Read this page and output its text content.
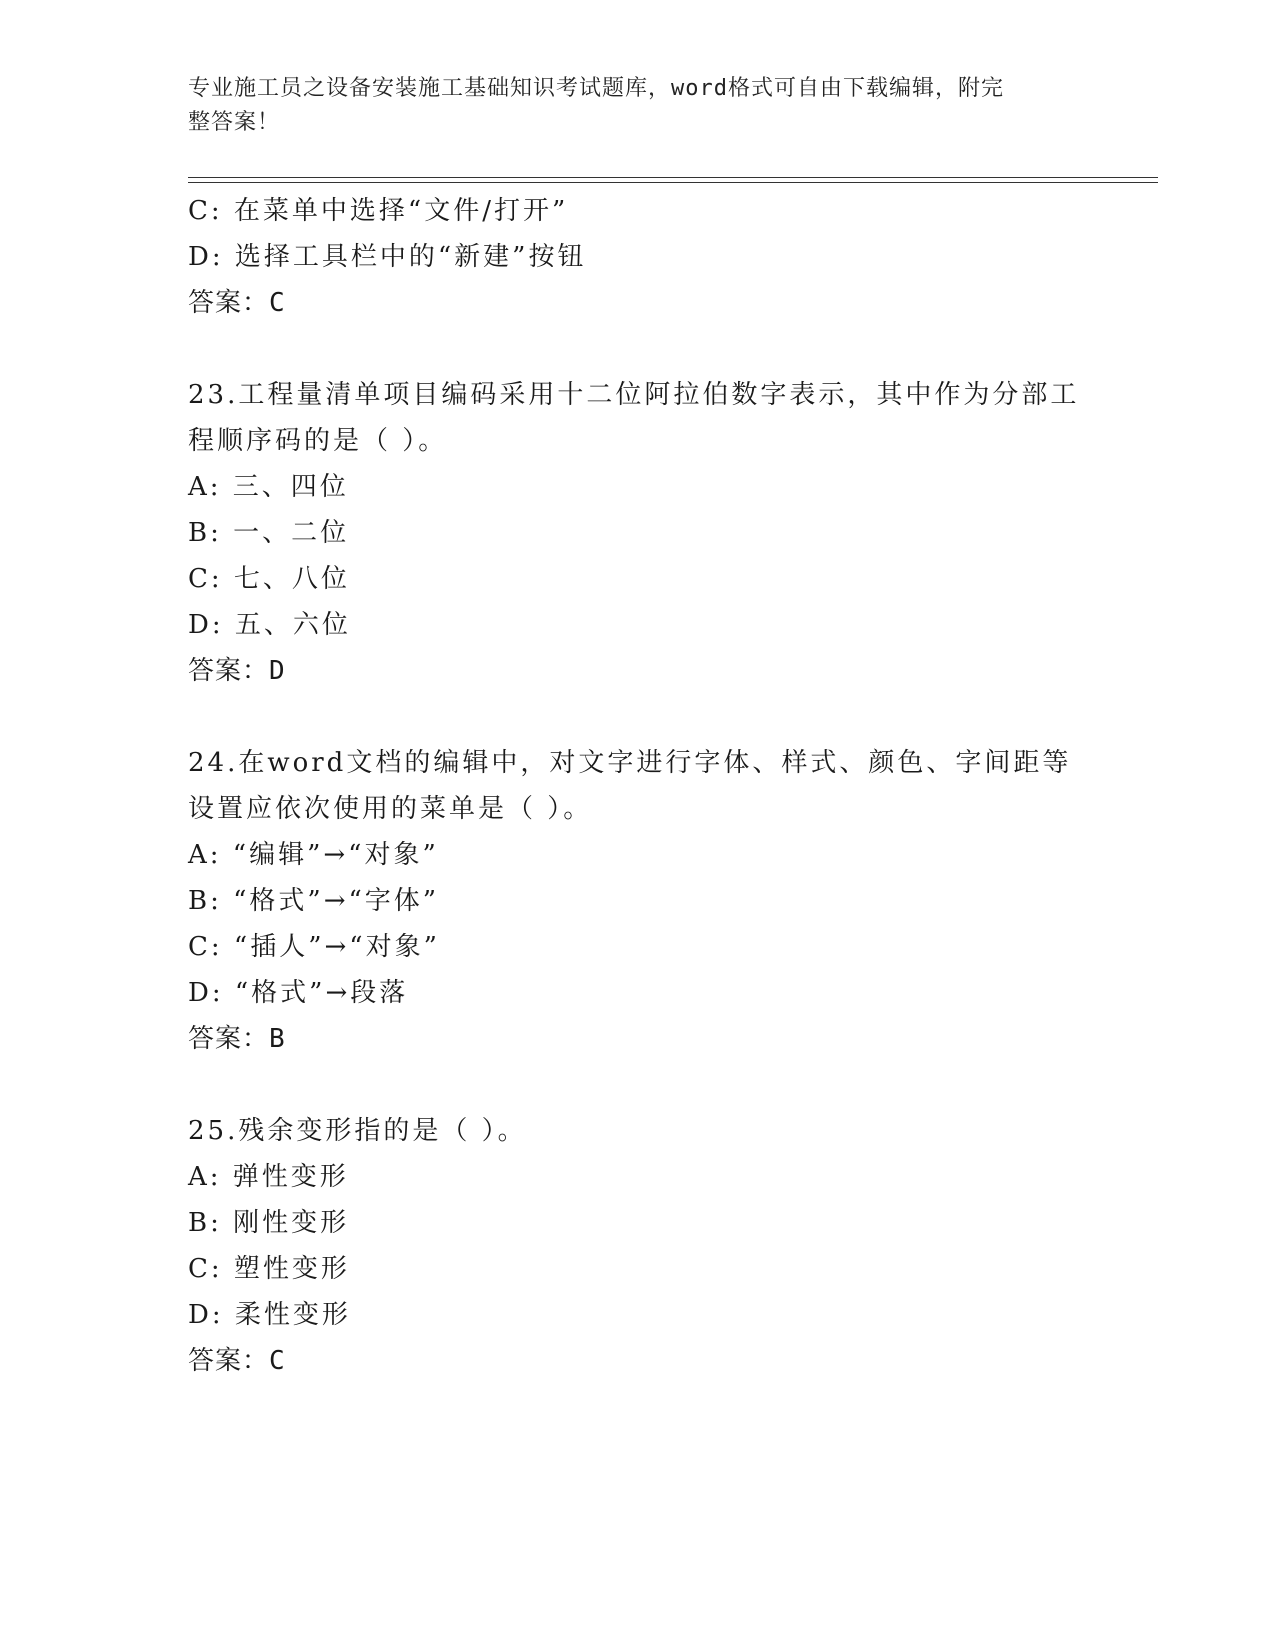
专业施工员之设备安装施工基础知识考试题库，word格式可自由下载编辑，附完
整答案！
C: 在菜单中选择“文件/打开”
D: 选择工具栏中的“新建”按钮
答案：C
23.工程量清单项目编码采用十二位阿拉伯数字表示，其中作为分部工
程顺序码的是（ ）。
A: 三、四位
B: 一、二位
C: 七、八位
D: 五、六位
答案：D
24.在word文档的编辑中，对文字进行字体、样式、颜色、字间距等
设置应依次使用的菜单是（ ）。
A: “编辑”→“对象”
B: “格式”→“字体”
C: “插人”→“对象”
D: “格式”→段落
答案：B
25.残余变形指的是（ ）。
A: 弹性变形
B: 刚性变形
C: 塑性变形
D: 柔性变形
答案：C
